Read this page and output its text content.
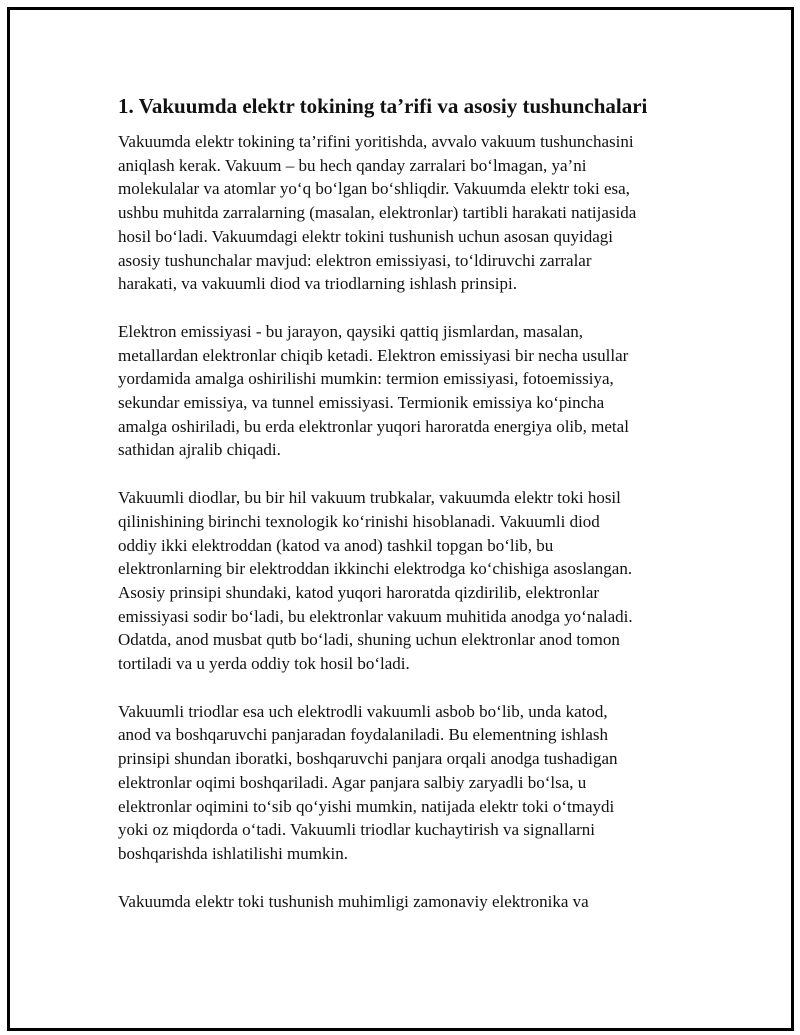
1. Vakuumda elektr tokining ta’rifi va asosiy tushunchalari

Vakuumda elektr tokining ta’rifini yoritishda, avvalo vakuum tushunchasini
aniqlash kerak. Vakuum – bu hech qanday zarralari bo‘lmagan, ya’ni
molekulalar va atomlar yo‘q bo‘lgan bo‘shliqdir. Vakuumda elektr toki esa,
ushbu muhitda zarralarning (masalan, elektronlar) tartibli harakati natijasida
hosil bo‘ladi. Vakuumdagi elektr tokini tushunish uchun asosan quyidagi
asosiy tushunchalar mavjud: elektron emissiyasi, to‘ldiruvchi zarralar
harakati, va vakuumli diod va triodlarning ishlash prinsipi.

Elektron emissiyasi - bu jarayon, qaysiki qattiq jismlardan, masalan,
metallardan elektronlar chiqib ketadi. Elektron emissiyasi bir necha usullar
yordamida amalga oshirilishi mumkin: termion emissiyasi, fotoemissiya,
sekundar emissiya, va tunnel emissiyasi. Termionik emissiya ko‘pincha
amalga oshiriladi, bu erda elektronlar yuqori haroratda energiya olib, metal
sathidan ajralib chiqadi.

Vakuumli diodlar, bu bir hil vakuum trubkalar, vakuumda elektr toki hosil
qilinishining birinchi texnologik ko‘rinishi hisoblanadi. Vakuumli diod
oddiy ikki elektroddan (katod va anod) tashkil topgan bo‘lib, bu
elektronlarning bir elektroddan ikkinchi elektrodga ko‘chishiga asoslangan.
Asosiy prinsipi shundaki, katod yuqori haroratda qizdirilib, elektronlar
emissiyasi sodir bo‘ladi, bu elektronlar vakuum muhitida anodga yo‘naladi.
Odatda, anod musbat qutb bo‘ladi, shuning uchun elektronlar anod tomon
tortiladi va u yerda oddiy tok hosil bo‘ladi.

Vakuumli triodlar esa uch elektrodli vakuumli asbob bo‘lib, unda katod,
anod va boshqaruvchi panjaradan foydalaniladi. Bu elementning ishlash
prinsipi shundan iboratki, boshqaruvchi panjara orqali anodga tushadigan
elektronlar oqimi boshqariladi. Agar panjara salbiy zaryadli bo‘lsa, u
elektronlar oqimini to‘sib qo‘yishi mumkin, natijada elektr toki o‘tmaydi
yoki oz miqdorda o‘tadi. Vakuumli triodlar kuchaytirish va signallarni
boshqarishda ishlatilishi mumkin.

Vakuumda elektr toki tushunish muhimligi zamonaviy elektronika va
